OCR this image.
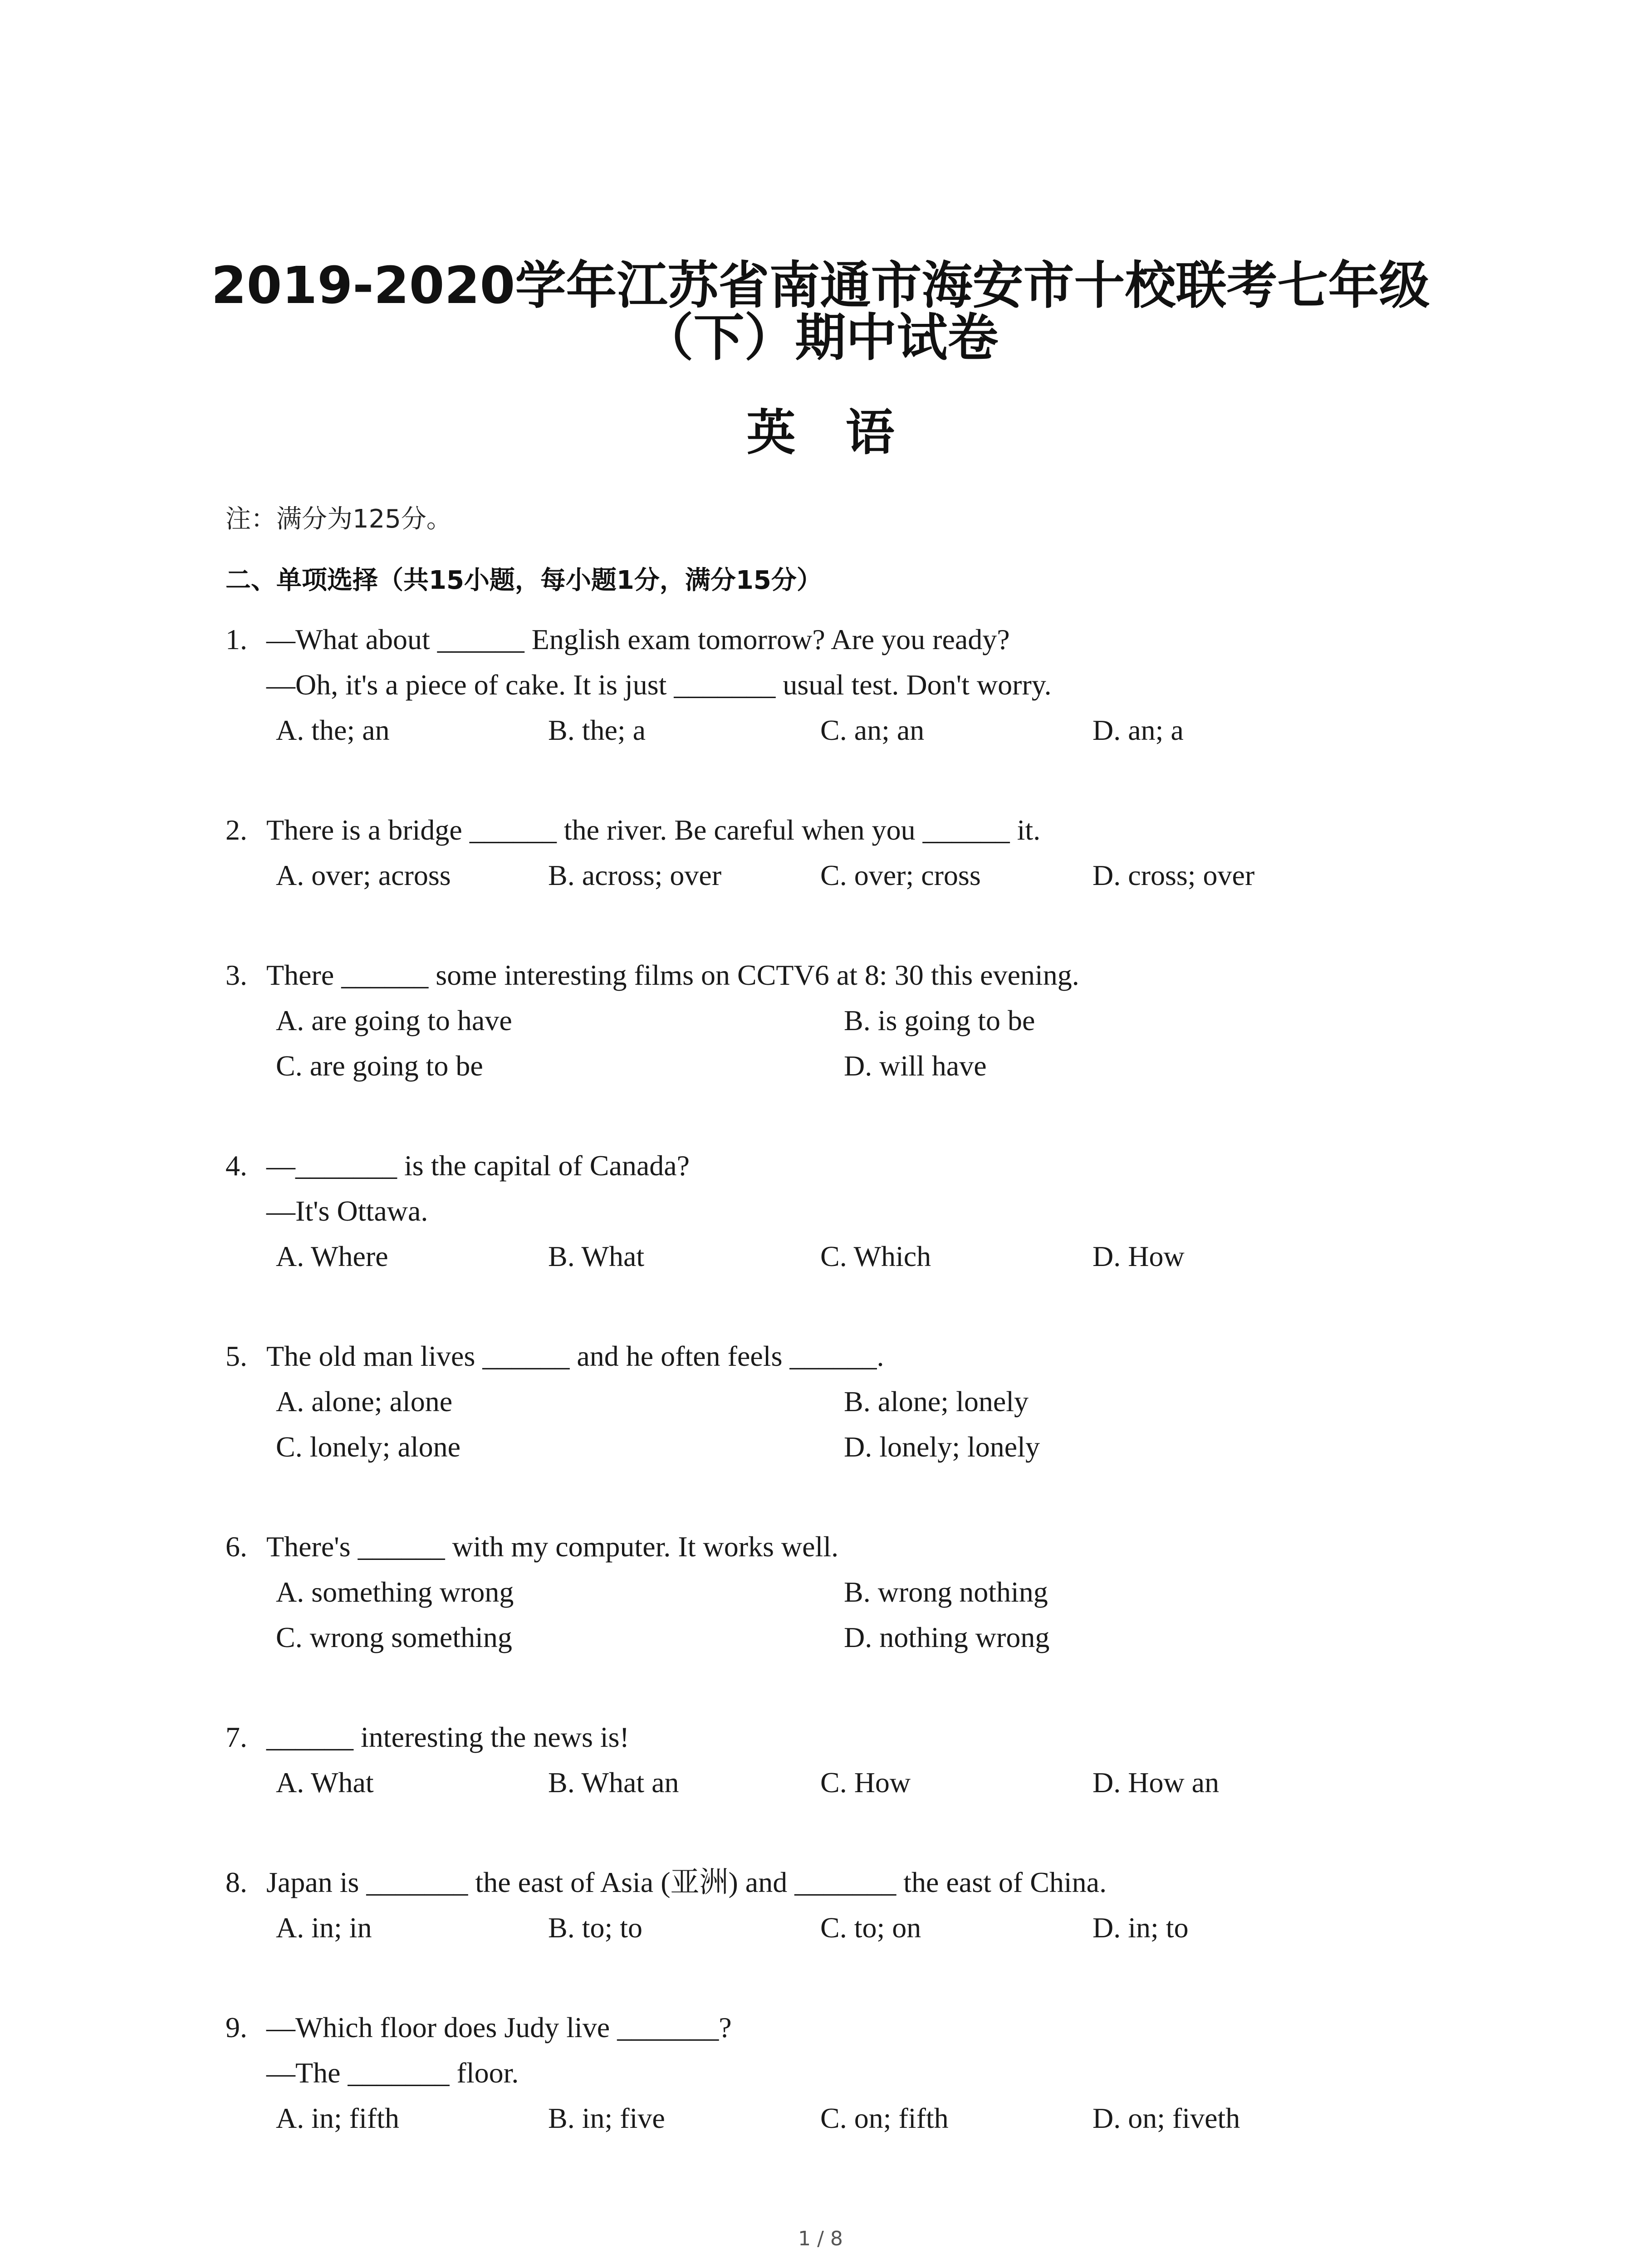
2019-2020学年江苏省南通市海安市十校联考七年级
（下）期中试卷
英语
注：满分为125分。
二、单项选择（共15小题，每小题1分，满分15分）
1. —What about ______ English exam tomorrow? Are you ready?
—Oh, it's a piece of cake. It is just _______ usual test. Don't worry.
A. the; an	B. the; a	C. an; an	D. an; a
2. There is a bridge ______ the river. Be careful when you ______ it.
A. over; across	B. across; over	C. over; cross	D. cross; over
3. There ______ some interesting films on CCTV6 at 8: 30 this evening.
A. are going to have	B. is going to be
C. are going to be	D. will have
4. —_______ is the capital of Canada?
—It's Ottawa.
A. Where	B. What	C. Which	D. How
5. The old man lives ______ and he often feels ______.
A. alone; alone	B. alone; lonely
C. lonely; alone	D. lonely; lonely
6. There's ______ with my computer. It works well.
A. something wrong	B. wrong nothing
C. wrong something	D. nothing wrong
7. ______ interesting the news is!
A. What	B. What an	C. How	D. How an
8. Japan is _______ the east of Asia (亚洲) and _______ the east of China.
A. in; in	B. to; to	C. to; on	D. in; to
9. —Which floor does Judy live _______?
—The _______ floor.
A. in; fifth	B. in; five	C. on; fifth	D. on; fiveth
1 / 8
